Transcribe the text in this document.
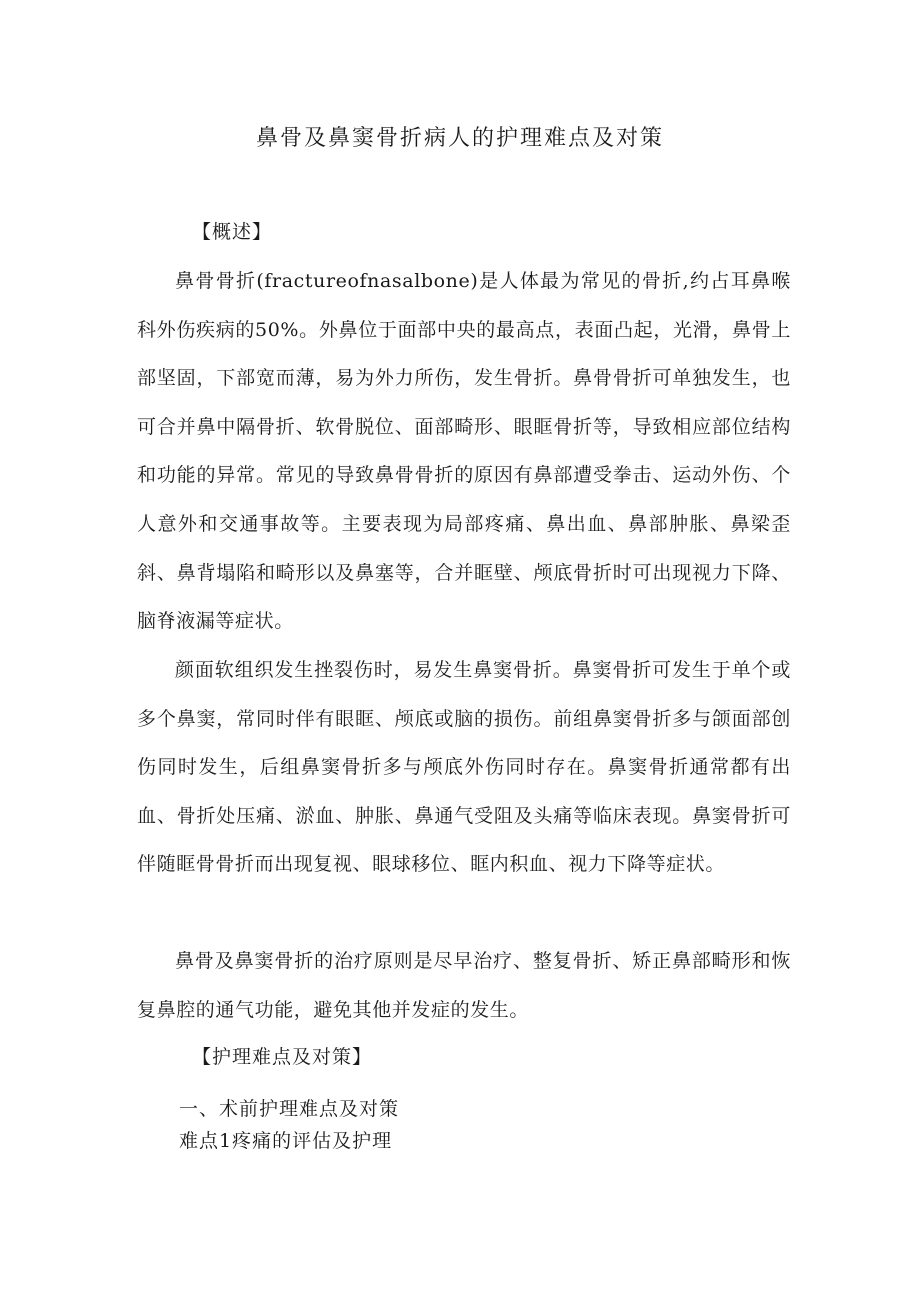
鼻骨及鼻窦骨折病人的护理难点及对策
【概述】

鼻骨骨折(fractureofnasalbone)是人体最为常见的骨折,约占耳鼻喉科外伤疾病的50%。外鼻位于面部中央的最高点，表面凸起，光滑，鼻骨上部坚固，下部宽而薄，易为外力所伤，发生骨折。鼻骨骨折可单独发生，也可合并鼻中隔骨折、软骨脱位、面部畸形、眼眶骨折等，导致相应部位结构和功能的异常。常见的导致鼻骨骨折的原因有鼻部遭受拳击、运动外伤、个人意外和交通事故等。主要表现为局部疼痛、鼻出血、鼻部肿胀、鼻梁歪斜、鼻背塌陷和畸形以及鼻塞等，合并眶壁、颅底骨折时可出现视力下降、脑脊液漏等症状。

颜面软组织发生挫裂伤时，易发生鼻窦骨折。鼻窦骨折可发生于单个或多个鼻窦，常同时伴有眼眶、颅底或脑的损伤。前组鼻窦骨折多与颌面部创伤同时发生，后组鼻窦骨折多与颅底外伤同时存在。鼻窦骨折通常都有出血、骨折处压痛、淤血、肿胀、鼻通气受阻及头痛等临床表现。鼻窦骨折可伴随眶骨骨折而出现复视、眼球移位、眶内积血、视力下降等症状。

鼻骨及鼻窦骨折的治疗原则是尽早治疗、整复骨折、矫正鼻部畸形和恢复鼻腔的通气功能，避免其他并发症的发生。

【护理难点及对策】
一、术前护理难点及对策
难点1疼痛的评估及护理
